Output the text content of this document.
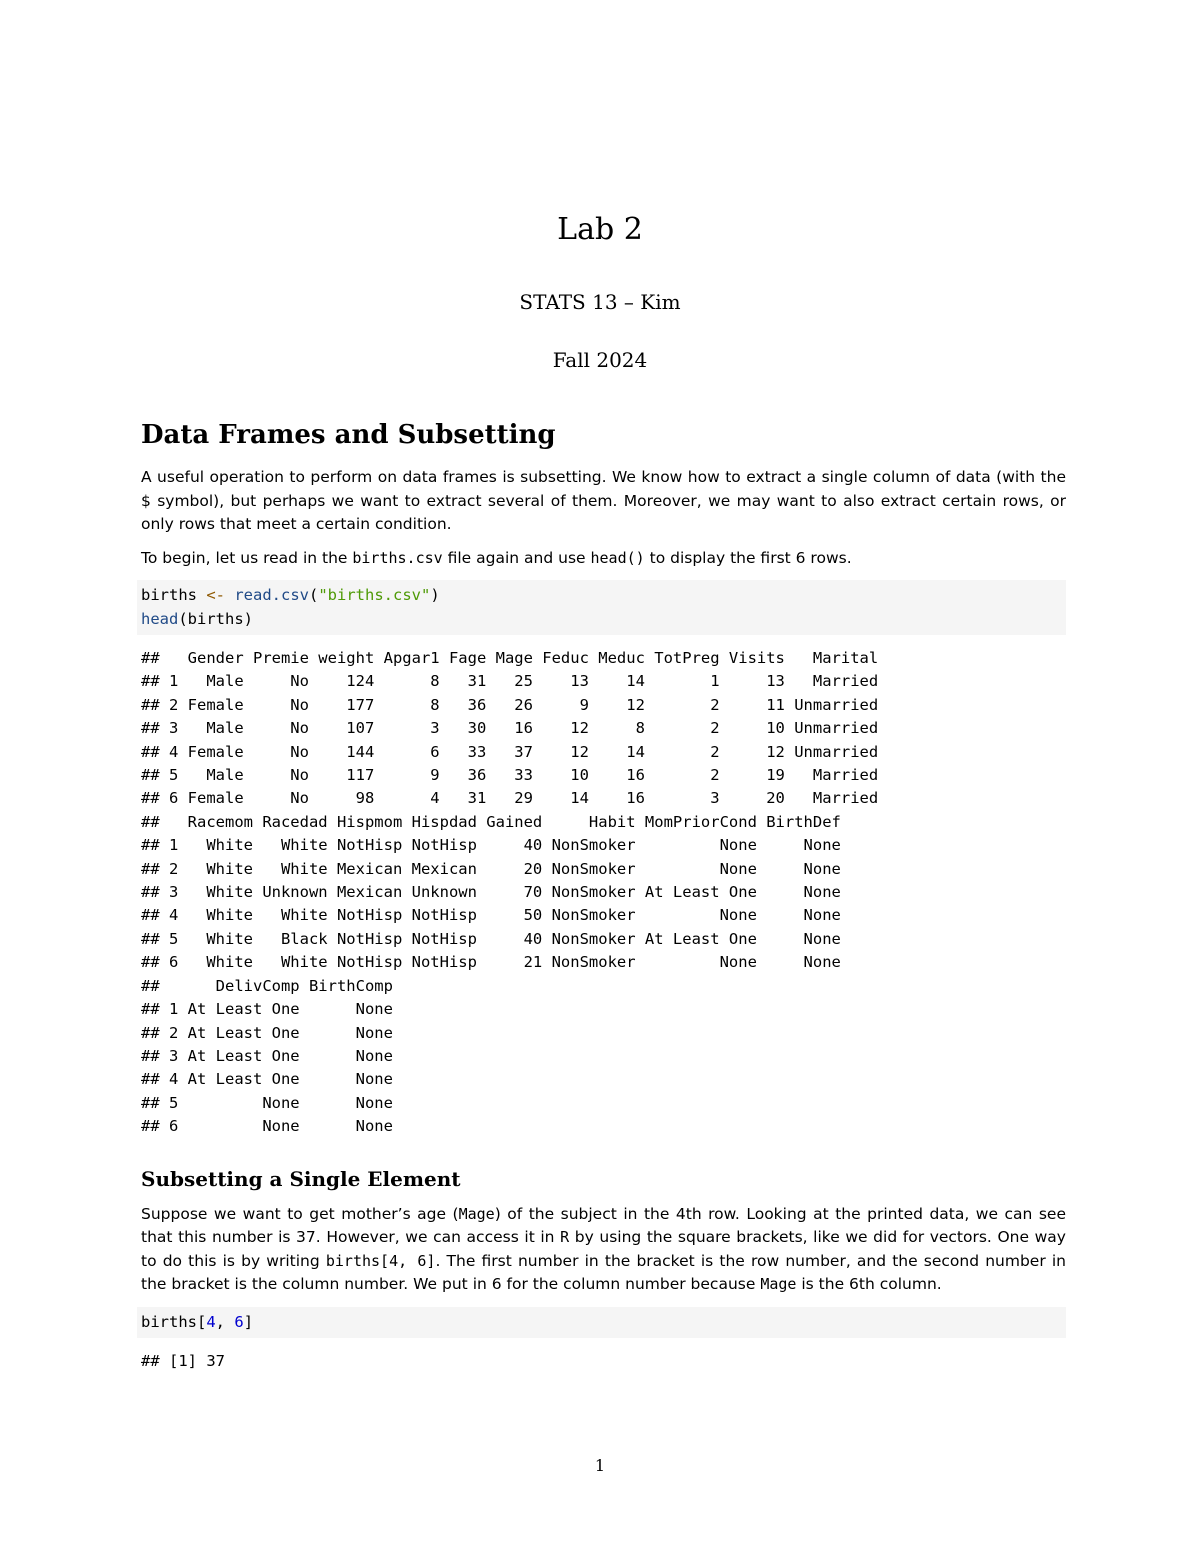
Lab 2
STATS 13 – Kim
Fall 2024
Data Frames and Subsetting

A useful operation to perform on data frames is subsetting. We know how to extract a single column of data (with the $ symbol), but perhaps we want to extract several of them. Moreover, we may want to also extract certain rows, or only rows that meet a certain condition.

To begin, let us read in the births.csv file again and use head() to display the first 6 rows.

births <- read.csv("births.csv")
head(births)
##   Gender Premie weight Apgar1 Fage Mage Feduc Meduc TotPreg Visits   Marital
## 1   Male     No    124      8   31   25    13    14       1     13   Married
## 2 Female     No    177      8   36   26     9    12       2     11 Unmarried
## 3   Male     No    107      3   30   16    12     8       2     10 Unmarried
## 4 Female     No    144      6   33   37    12    14       2     12 Unmarried
## 5   Male     No    117      9   36   33    10    16       2     19   Married
## 6 Female     No     98      4   31   29    14    16       3     20   Married
##   Racemom Racedad Hispmom Hispdad Gained     Habit MomPriorCond BirthDef
## 1   White   White NotHisp NotHisp     40 NonSmoker         None     None
## 2   White   White Mexican Mexican     20 NonSmoker         None     None
## 3   White Unknown Mexican Unknown     70 NonSmoker At Least One     None
## 4   White   White NotHisp NotHisp     50 NonSmoker         None     None
## 5   White   Black NotHisp NotHisp     40 NonSmoker At Least One     None
## 6   White   White NotHisp NotHisp     21 NonSmoker         None     None
##      DelivComp BirthComp
## 1 At Least One      None
## 2 At Least One      None
## 3 At Least One      None
## 4 At Least One      None
## 5         None      None
## 6         None      None
Subsetting a Single Element

Suppose we want to get mother’s age (Mage) of the subject in the 4th row. Looking at the printed data, we can see that this number is 37. However, we can access it in R by using the square brackets, like we did for vectors. One way to do this is by writing births[4, 6]. The first number in the bracket is the row number, and the second number in the bracket is the column number. We put in 6 for the column number because Mage is the 6th column.

births[4, 6]
## [1] 37
1
